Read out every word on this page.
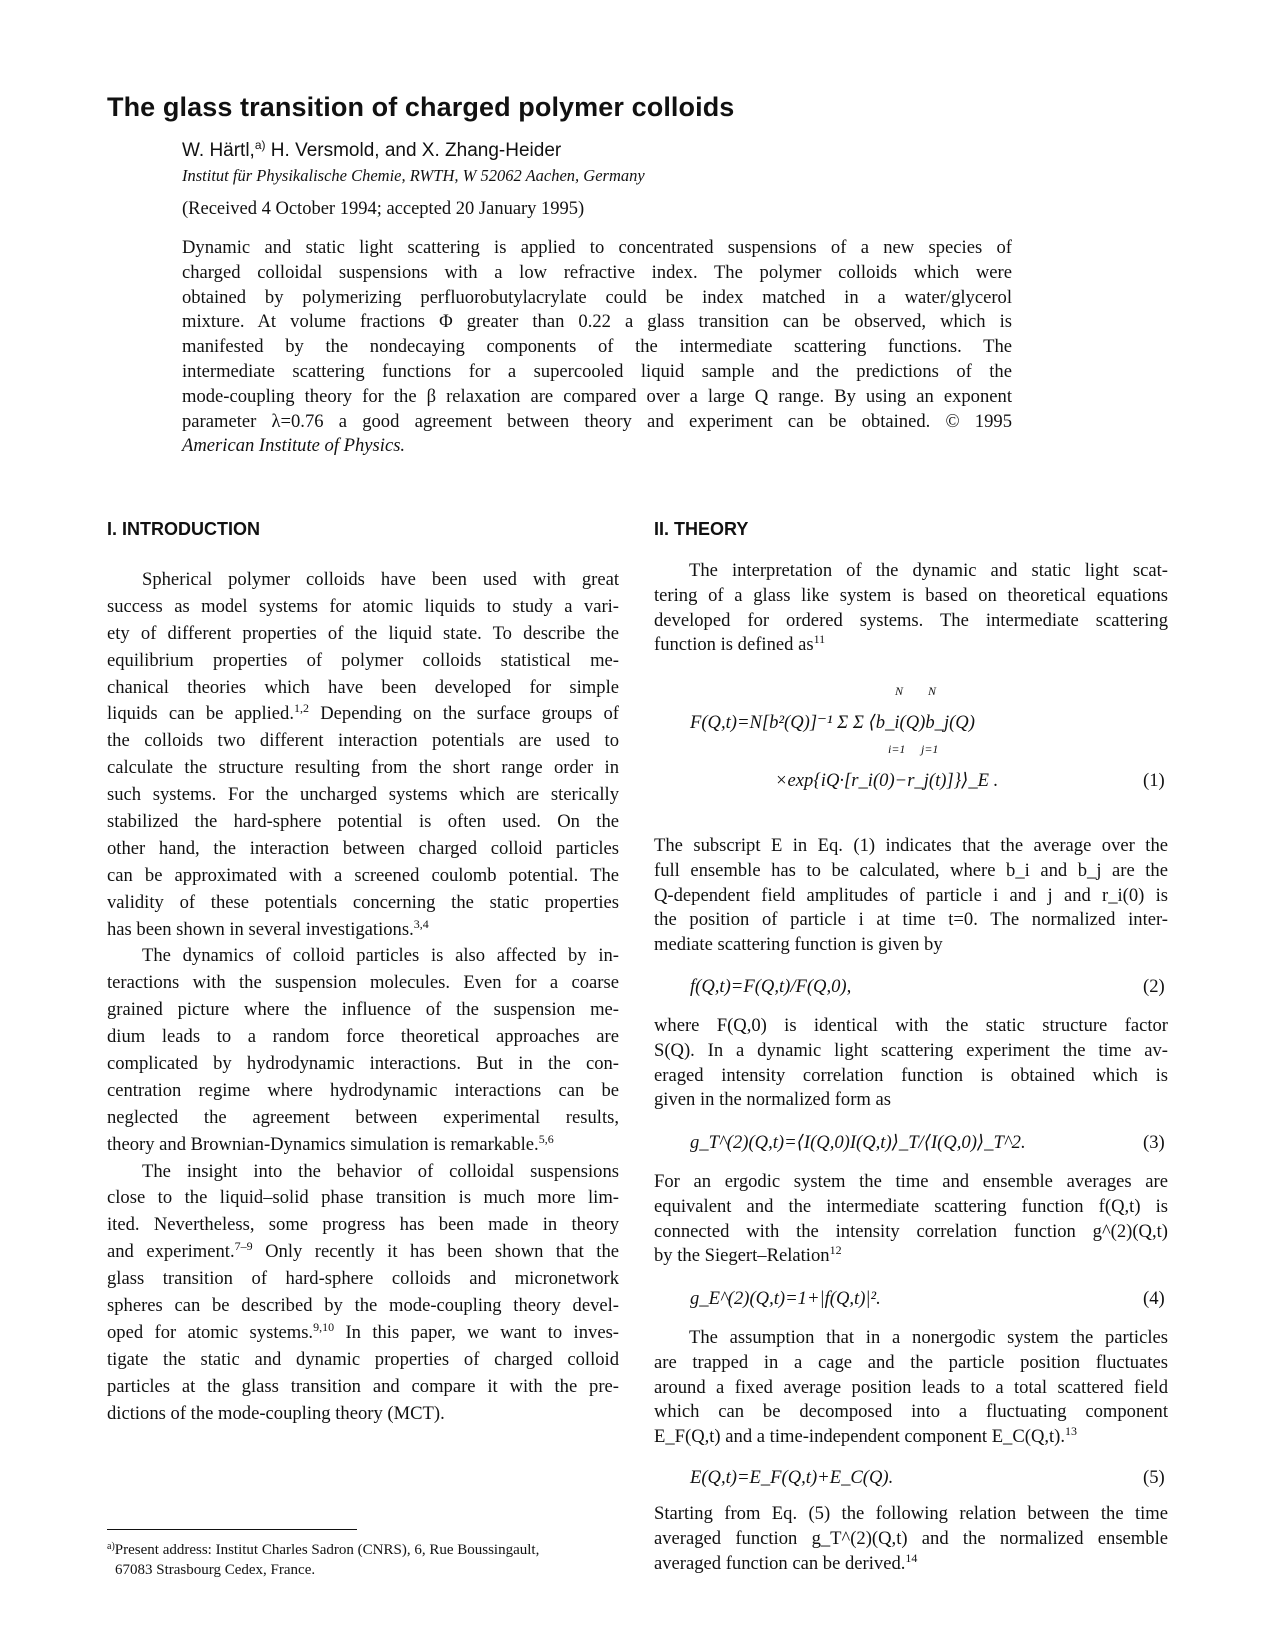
The glass transition of charged polymer colloids
W. Härtl,$^{a)}$ H. Versmold, and X. Zhang-Heider
Institut für Physikalische Chemie, RWTH, W 52062 Aachen, Germany
(Received 4 October 1994; accepted 20 January 1995)
Dynamic and static light scattering is applied to concentrated suspensions of a new species of
charged colloidal suspensions with a low refractive index. The polymer colloids which were
obtained by polymerizing perfluorobutylacrylate could be index matched in a water/glycerol
mixture. At volume fractions Φ greater than 0.22 a glass transition can be observed, which is
manifested by the nondecaying components of the intermediate scattering functions. The
intermediate scattering functions for a supercooled liquid sample and the predictions of the
mode-coupling theory for the β relaxation are compared over a large Q range. By using an exponent
parameter λ=0.76 a good agreement between theory and experiment can be obtained. © 1995
American Institute of Physics.
I. INTRODUCTION
Spherical polymer colloids have been used with great
success as model systems for atomic liquids to study a vari-
ety of different properties of the liquid state. To describe the
equilibrium properties of polymer colloids statistical me-
chanical theories which have been developed for simple
liquids can be applied.$^{1,2}$ Depending on the surface groups of
the colloids two different interaction potentials are used to
calculate the structure resulting from the short range order in
such systems. For the uncharged systems which are sterically
stabilized the hard-sphere potential is often used. On the
other hand, the interaction between charged colloid particles
can be approximated with a screened coulomb potential. The
validity of these potentials concerning the static properties
has been shown in several investigations.$^{3,4}$
The dynamics of colloid particles is also affected by in-
teractions with the suspension molecules. Even for a coarse
grained picture where the influence of the suspension me-
dium leads to a random force theoretical approaches are
complicated by hydrodynamic interactions. But in the con-
centration regime where hydrodynamic interactions can be
neglected the agreement between experimental results,
theory and Brownian-Dynamics simulation is remarkable.$^{5,6}$
The insight into the behavior of colloidal suspensions
close to the liquid–solid phase transition is much more lim-
ited. Nevertheless, some progress has been made in theory
and experiment.$^{7-9}$ Only recently it has been shown that the
glass transition of hard-sphere colloids and micronetwork
spheres can be described by the mode-coupling theory devel-
oped for atomic systems.$^{9,10}$ In this paper, we want to inves-
tigate the static and dynamic properties of charged colloid
particles at the glass transition and compare it with the pre-
dictions of the mode-coupling theory (MCT).
$^{a)}$Present address: Institut Charles Sadron (CNRS), 6, Rue Boussingault,
67083 Strasbourg Cedex, France.
II. THEORY
The interpretation of the dynamic and static light scat-
tering of a glass like system is based on theoretical equations
developed for ordered systems. The intermediate scattering
function is defined $as^{11}$
F(Q,t)=N[b²(Q)]⁻¹ Σ Σ ⟨b_i(Q)b_j(Q)
N N
i=1 j=1
×exp{iQ·[r_i(0)−r_j(t)]}⟩_E .	(1)
The subscript E in Eq. (1) indicates that the average over the
full ensemble has to be calculated, where b_i and b_j are the
Q-dependent field amplitudes of particle i and j and r_i(0) is
the position of particle i at time t=0. The normalized inter-
mediate scattering function is given by
f(Q,t)=F(Q,t)/F(Q,0),	(2)
where F(Q,0) is identical with the static structure factor
S(Q). In a dynamic light scattering experiment the time av-
eraged intensity correlation function is obtained which is
given in the normalized form as
g_T^(2)(Q,t)=⟨I(Q,0)I(Q,t)⟩_T/⟨I(Q,0)⟩_T^2.	(3)
For an ergodic system the time and ensemble averages are
equivalent and the intermediate scattering function f(Q,t) is
connected with the intensity correlation function g^(2)(Q,t)
by the Siegert–Relation$^{12}$
g_E^(2)(Q,t)=1+|f(Q,t)|².	(4)
The assumption that in a nonergodic system the particles
are trapped in a cage and the particle position fluctuates
around a fixed average position leads to a total scattered field
which can be decomposed into a fluctuating component
E_F(Q,t) and a time-independent component E_C(Q,t).$^{13}$
E(Q,t)=E_F(Q,t)+E_C(Q).	(5)
Starting from Eq. (5) the following relation between the time
averaged function g_T^(2)(Q,t) and the normalized ensemble
averaged function can be derived.$^{14}$
